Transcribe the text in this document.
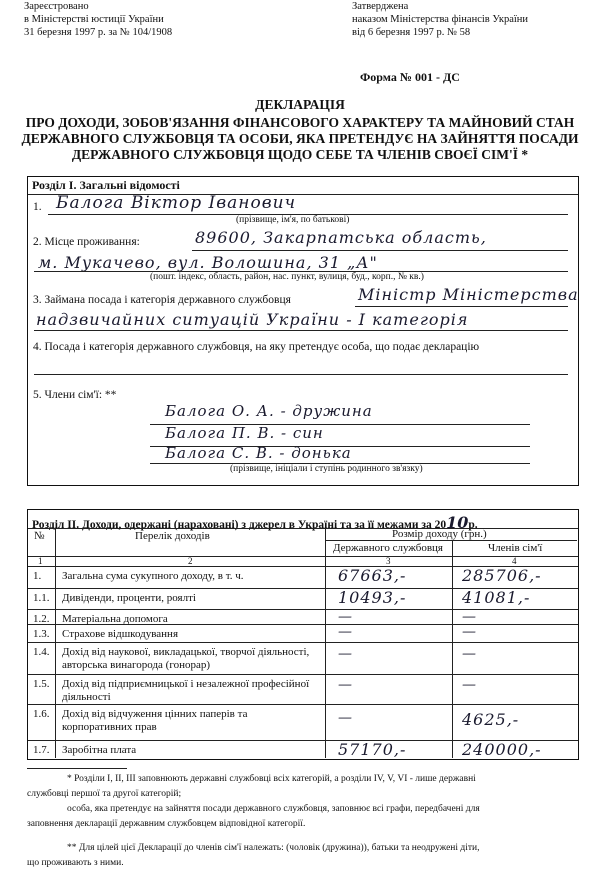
Зареєстровано
в Міністерстві юстиції України
31 березня 1997 р. за № 104/1908
Затверджена
наказом Міністерства фінансів України
від 6 березня 1997 р. № 58
Форма № 001 - ДС
ДЕКЛАРАЦІЯ
ПРО ДОХОДИ, ЗОБОВ'ЯЗАННЯ ФІНАНСОВОГО ХАРАКТЕРУ ТА МАЙНОВИЙ СТАН
ДЕРЖАВНОГО СЛУЖБОВЦЯ ТА ОСОБИ, ЯКА ПРЕТЕНДУЄ НА ЗАЙНЯТТЯ ПОСАДИ
ДЕРЖАВНОГО СЛУЖБОВЦЯ ЩОДО СЕБЕ ТА ЧЛЕНІВ СВОЄЇ СІМ'Ї *
Розділ І. Загальні відомості
1. Балога Віктор Іванович
(прізвище, ім'я, по батькові)
2. Місце проживання:	89600, Закарпатська область,
м. Мукачево, вул. Волошина, 31 „А"
(пошт. індекс, область, район, нас. пункт, вулиця, буд., корп., № кв.)
3. Займана посада і категорія державного службовця	Міністр Міністерства
надзвичайних ситуацій України - І категорія
4. Посада і категорія державного службовця, на яку претендує особа, що подає декларацію
5. Члени сім'ї: **
Балога О. А. - дружина
Балога П. В. - син
Балога С. В. - донька
(прізвище, ініціали і ступінь родинного зв'язку)
Розділ ІІ. Доходи, одержані (нараховані) з джерел в Україні та за її межами за 2010р.
№	Перелік доходів	Розмір доходу (грн.)
Державного службовця	Членів сім'ї
1	2	3	4
1. Загальна сума сукупного доходу, в т. ч.	67663,-	285706,-
1.1. Дивіденди, проценти, роялті	10493,-	41081,-
1.2. Матеріальна допомога	—	—
1.3. Страхове відшкодування	—	—
1.4. Дохід від наукової, викладацької, творчої діяльності, авторська винагорода (гонорар)
—	—
1.5. Дохід від підприємницької і незалежної професійної діяльності
—	—
1.6. Дохід від відчуження цінних паперів та корпоративних прав
—	4625,-
1.7. Заробітна плата	57170,-	240000,-
* Розділи І, ІІ, ІІІ заповнюють державні службовці всіх категорій, а розділи IV, V, VI - лише державні
службовці першої та другої категорій;
особа, яка претендує на зайняття посади державного службовця, заповнює всі графи, передбачені для
заповнення декларації державним службовцем відповідної категорії.
** Для цілей цієї Декларації до членів сім'ї належать: (чоловік (дружина)), батьки та неодружені діти,
що проживають з ними.
